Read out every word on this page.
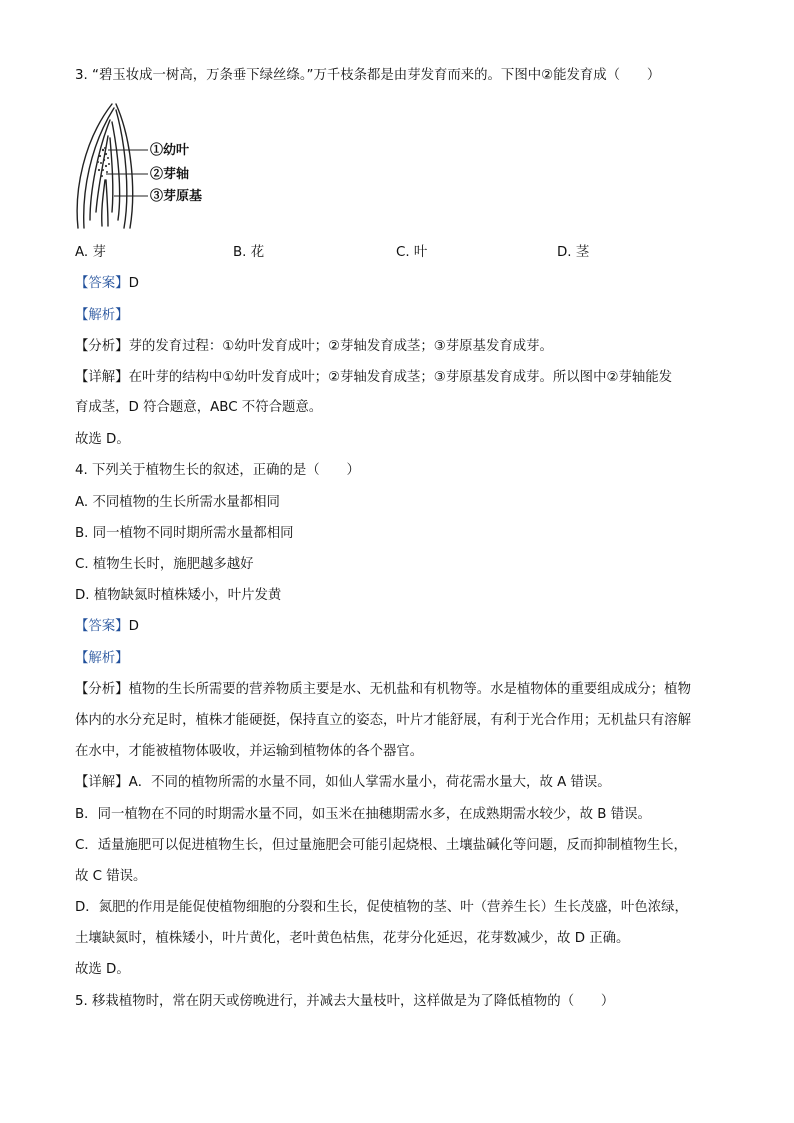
3. “碧玉妆成一树高，万条垂下绿丝绦。”万千枝条都是由芽发育而来的。下图中②能发育成（　　）
①幼叶
②芽轴
③芽原基
A. 芽	B. 花	C. 叶	D. 茎
【答案】D
【解析】
【分析】芽的发育过程：①幼叶发育成叶；②芽轴发育成茎；③芽原基发育成芽。
【详解】在叶芽的结构中①幼叶发育成叶；②芽轴发育成茎；③芽原基发育成芽。所以图中②芽轴能发
育成茎，D 符合题意，ABC 不符合题意。
故选 D。
4. 下列关于植物生长的叙述，正确的是（　　）
A. 不同植物的生长所需水量都相同
B. 同一植物不同时期所需水量都相同
C. 植物生长时，施肥越多越好
D. 植物缺氮时植株矮小，叶片发黄
【答案】D
【解析】
【分析】植物的生长所需要的营养物质主要是水、无机盐和有机物等。水是植物体的重要组成成分；植物
体内的水分充足时，植株才能硬挺，保持直立的姿态，叶片才能舒展，有利于光合作用；无机盐只有溶解
在水中，才能被植物体吸收，并运输到植物体的各个器官。
【详解】A．不同的植物所需的水量不同，如仙人掌需水量小，荷花需水量大，故 A 错误。
B．同一植物在不同的时期需水量不同，如玉米在抽穗期需水多，在成熟期需水较少，故 B 错误。
C．适量施肥可以促进植物生长，但过量施肥会可能引起烧根、土壤盐碱化等问题，反而抑制植物生长，
故 C 错误。
D．氮肥的作用是能促使植物细胞的分裂和生长，促使植物的茎、叶（营养生长）生长茂盛，叶色浓绿，
土壤缺氮时，植株矮小，叶片黄化，老叶黄色枯焦，花芽分化延迟，花芽数减少，故 D 正确。
故选 D。
5. 移栽植物时，常在阴天或傍晚进行，并减去大量枝叶，这样做是为了降低植物的（　　）
